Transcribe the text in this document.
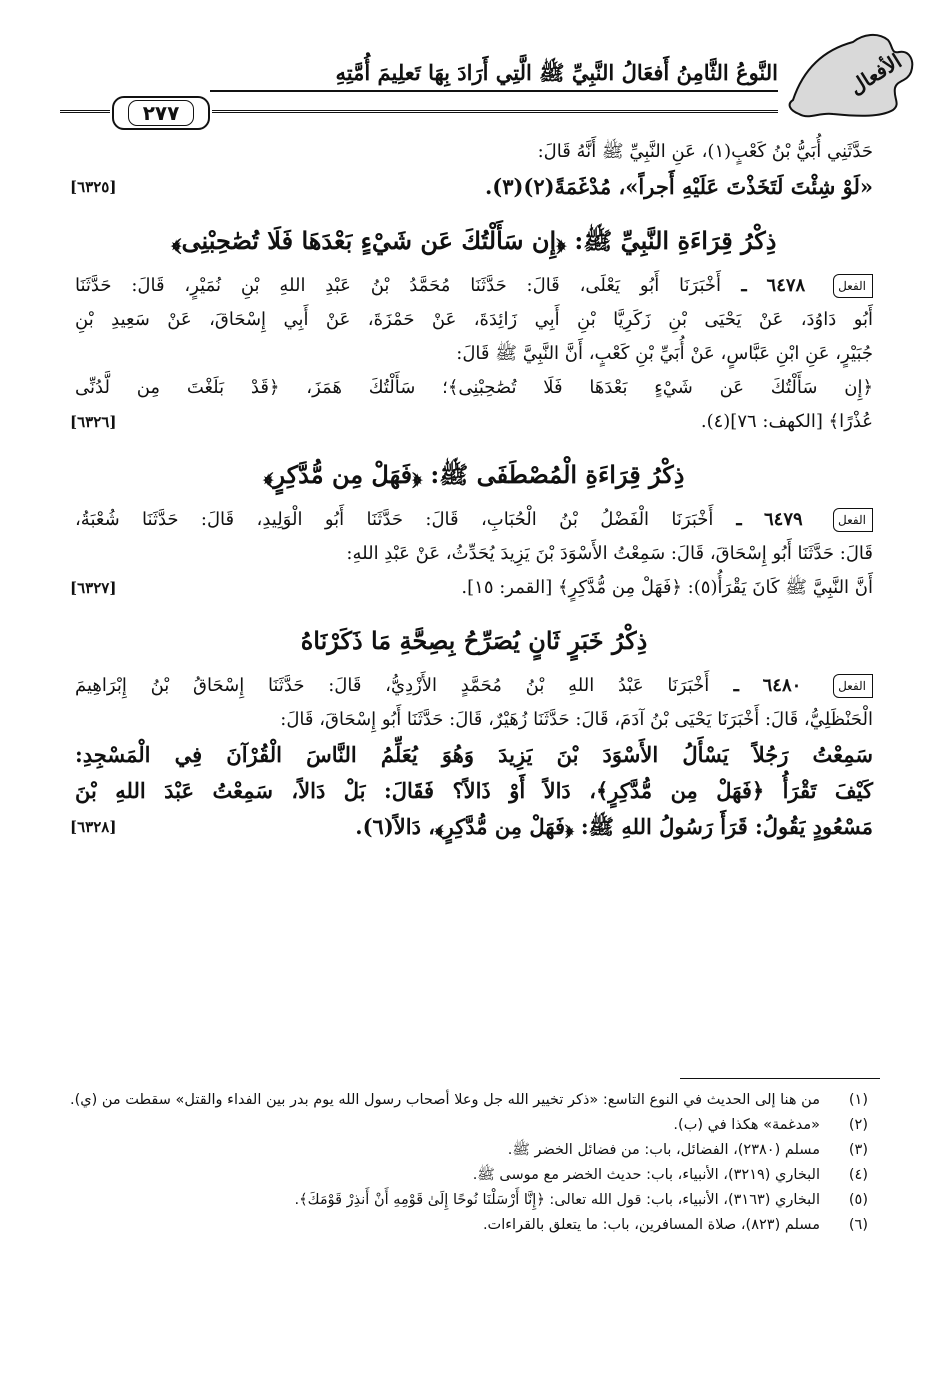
الأفعال
النَّوعُ الثَّامِنُ أَفعَالُ النَّبِيِّ ﷺ الَّتِي أَرَادَ بِهَا تَعلِيمَ أُمَّتِهِ
٢٧٧
حَدَّثَنِي أُبَيُّ بْنُ كَعْبٍ(١)، عَنِ النَّبِيِّ ﷺ أَنَّهُ قَالَ:
«لَوْ شِئْتَ لَتَخَذْتَ عَلَيْهِ أَجراً»، مُدْغَمَةً(٢)(٣).
[٦٣٢٥]
ذِكْرُ قِرَاءَةِ النَّبِيِّ ﷺ: ﴿إِن سَأَلْتُكَ عَن شَيْءٍ بَعْدَهَا فَلَا تُصَٰحِبْنِى﴾
الفعل ٦٤٧٨ ـ أَخْبَرَنَا أَبُو يَعْلَى، قَالَ: حَدَّثَنَا مُحَمَّدُ بْنُ عَبْدِ اللهِ بْنِ نُمَيْرٍ، قَالَ: حَدَّثَنَا
أَبُو دَاوُدَ، عَنْ يَحْيَى بْنِ زَكَرِيَّا بْنِ أَبِي زَائِدَةَ، عَنْ حَمْزَةَ، عَنْ أَبِي إِسْحَاقَ، عَنْ سَعِيدِ بْنِ
جُبَيْرٍ، عَنِ ابْنِ عَبَّاسٍ، عَنْ أُبَيِّ بْنِ كَعْبٍ، أَنَّ النَّبِيَّ ﷺ قَالَ:
﴿إِن سَأَلْتُكَ عَن شَيْءٍ بَعْدَهَا فَلَا تُصَٰحِبْنِى﴾؛ سَأَلْتُكَ هَمَزَ، ﴿قَدْ بَلَغْتَ مِن لَّدُنِّى
عُذْرًا﴾ [الكهف: ٧٦](٤).
[٦٣٢٦]
ذِكْرُ قِرَاءَةِ الْمُصْطَفَى ﷺ: ﴿فَهَلْ مِن مُّدَّكِرٍ﴾
الفعل ٦٤٧٩ ـ أَخْبَرَنَا الْفَضْلُ بْنُ الْحُبَابِ، قَالَ: حَدَّثَنَا أَبُو الْوَلِيدِ، قَالَ: حَدَّثَنَا شُعْبَةُ،
قَالَ: حَدَّثَنَا أَبُو إِسْحَاقَ، قَالَ: سَمِعْتُ الأَسْوَدَ بْنَ يَزِيدَ يُحَدِّثُ، عَنْ عَبْدِ اللهِ:
أَنَّ النَّبِيَّ ﷺ كَانَ يَقْرَأُ(٥): ﴿فَهَلْ مِن مُّدَّكِرٍ﴾ [القمر: ١٥].
[٦٣٢٧]
ذِكْرُ خَبَرٍ ثَانٍ يُصَرِّحُ بِصِحَّةِ مَا ذَكَرْنَاهُ
الفعل ٦٤٨٠ ـ أَخْبَرَنَا عَبْدُ اللهِ بْنُ مُحَمَّدٍ الأَزْدِيُّ، قَالَ: حَدَّثَنَا إِسْحَاقُ بْنُ إِبْرَاهِيمَ
الْحَنْظَلِيُّ، قَالَ: أَخْبَرَنَا يَحْيَى بْنُ آدَمَ، قَالَ: حَدَّثَنَا زُهَيْرٌ، قَالَ: حَدَّثَنَا أَبُو إِسْحَاقَ، قَالَ:
سَمِعْتُ رَجُلاً يَسْأَلُ الأَسْوَدَ بْنَ يَزِيدَ وَهُوَ يُعَلِّمُ النَّاسَ الْقُرْآنَ فِي الْمَسْجِدِ:
كَيْفَ تَقْرَأُ ﴿فَهَلْ مِن مُّدَّكِرٍ﴾، دَالاً أَوْ ذَالاً؟ فَقَالَ: بَلْ دَالاً، سَمِعْتُ عَبْدَ اللهِ بْنَ
مَسْعُودٍ يَقُولُ: قَرَأَ رَسُولُ اللهِ ﷺ: ﴿فَهَلْ مِن مُّدَّكِرٍ﴾، دَالاً(٦).
[٦٣٢٨]
(١)
من هنا إلى الحديث في النوع التاسع: «ذكر تخيير الله جل وعلا أصحاب رسول الله يوم بدر بين الفداء والقتل» سقطت من (ي).
(٢)
«مدغمة» هكذا في (ب).
(٣)
مسلم (٢٣٨٠)، الفضائل، باب: من فضائل الخضر ﷺ.
(٤)
البخاري (٣٢١٩)، الأنبياء، باب: حديث الخضر مع موسى ﷺ.
(٥)
البخاري (٣١٦٣)، الأنبياء، باب: قول الله تعالى: ﴿إِنَّا أَرْسَلْنَا نُوحًا إِلَىٰ قَوْمِهِ أَنْ أَنذِرْ قَوْمَكَ﴾.
(٦)
مسلم (٨٢٣)، صلاة المسافرين، باب: ما يتعلق بالقراءات.
